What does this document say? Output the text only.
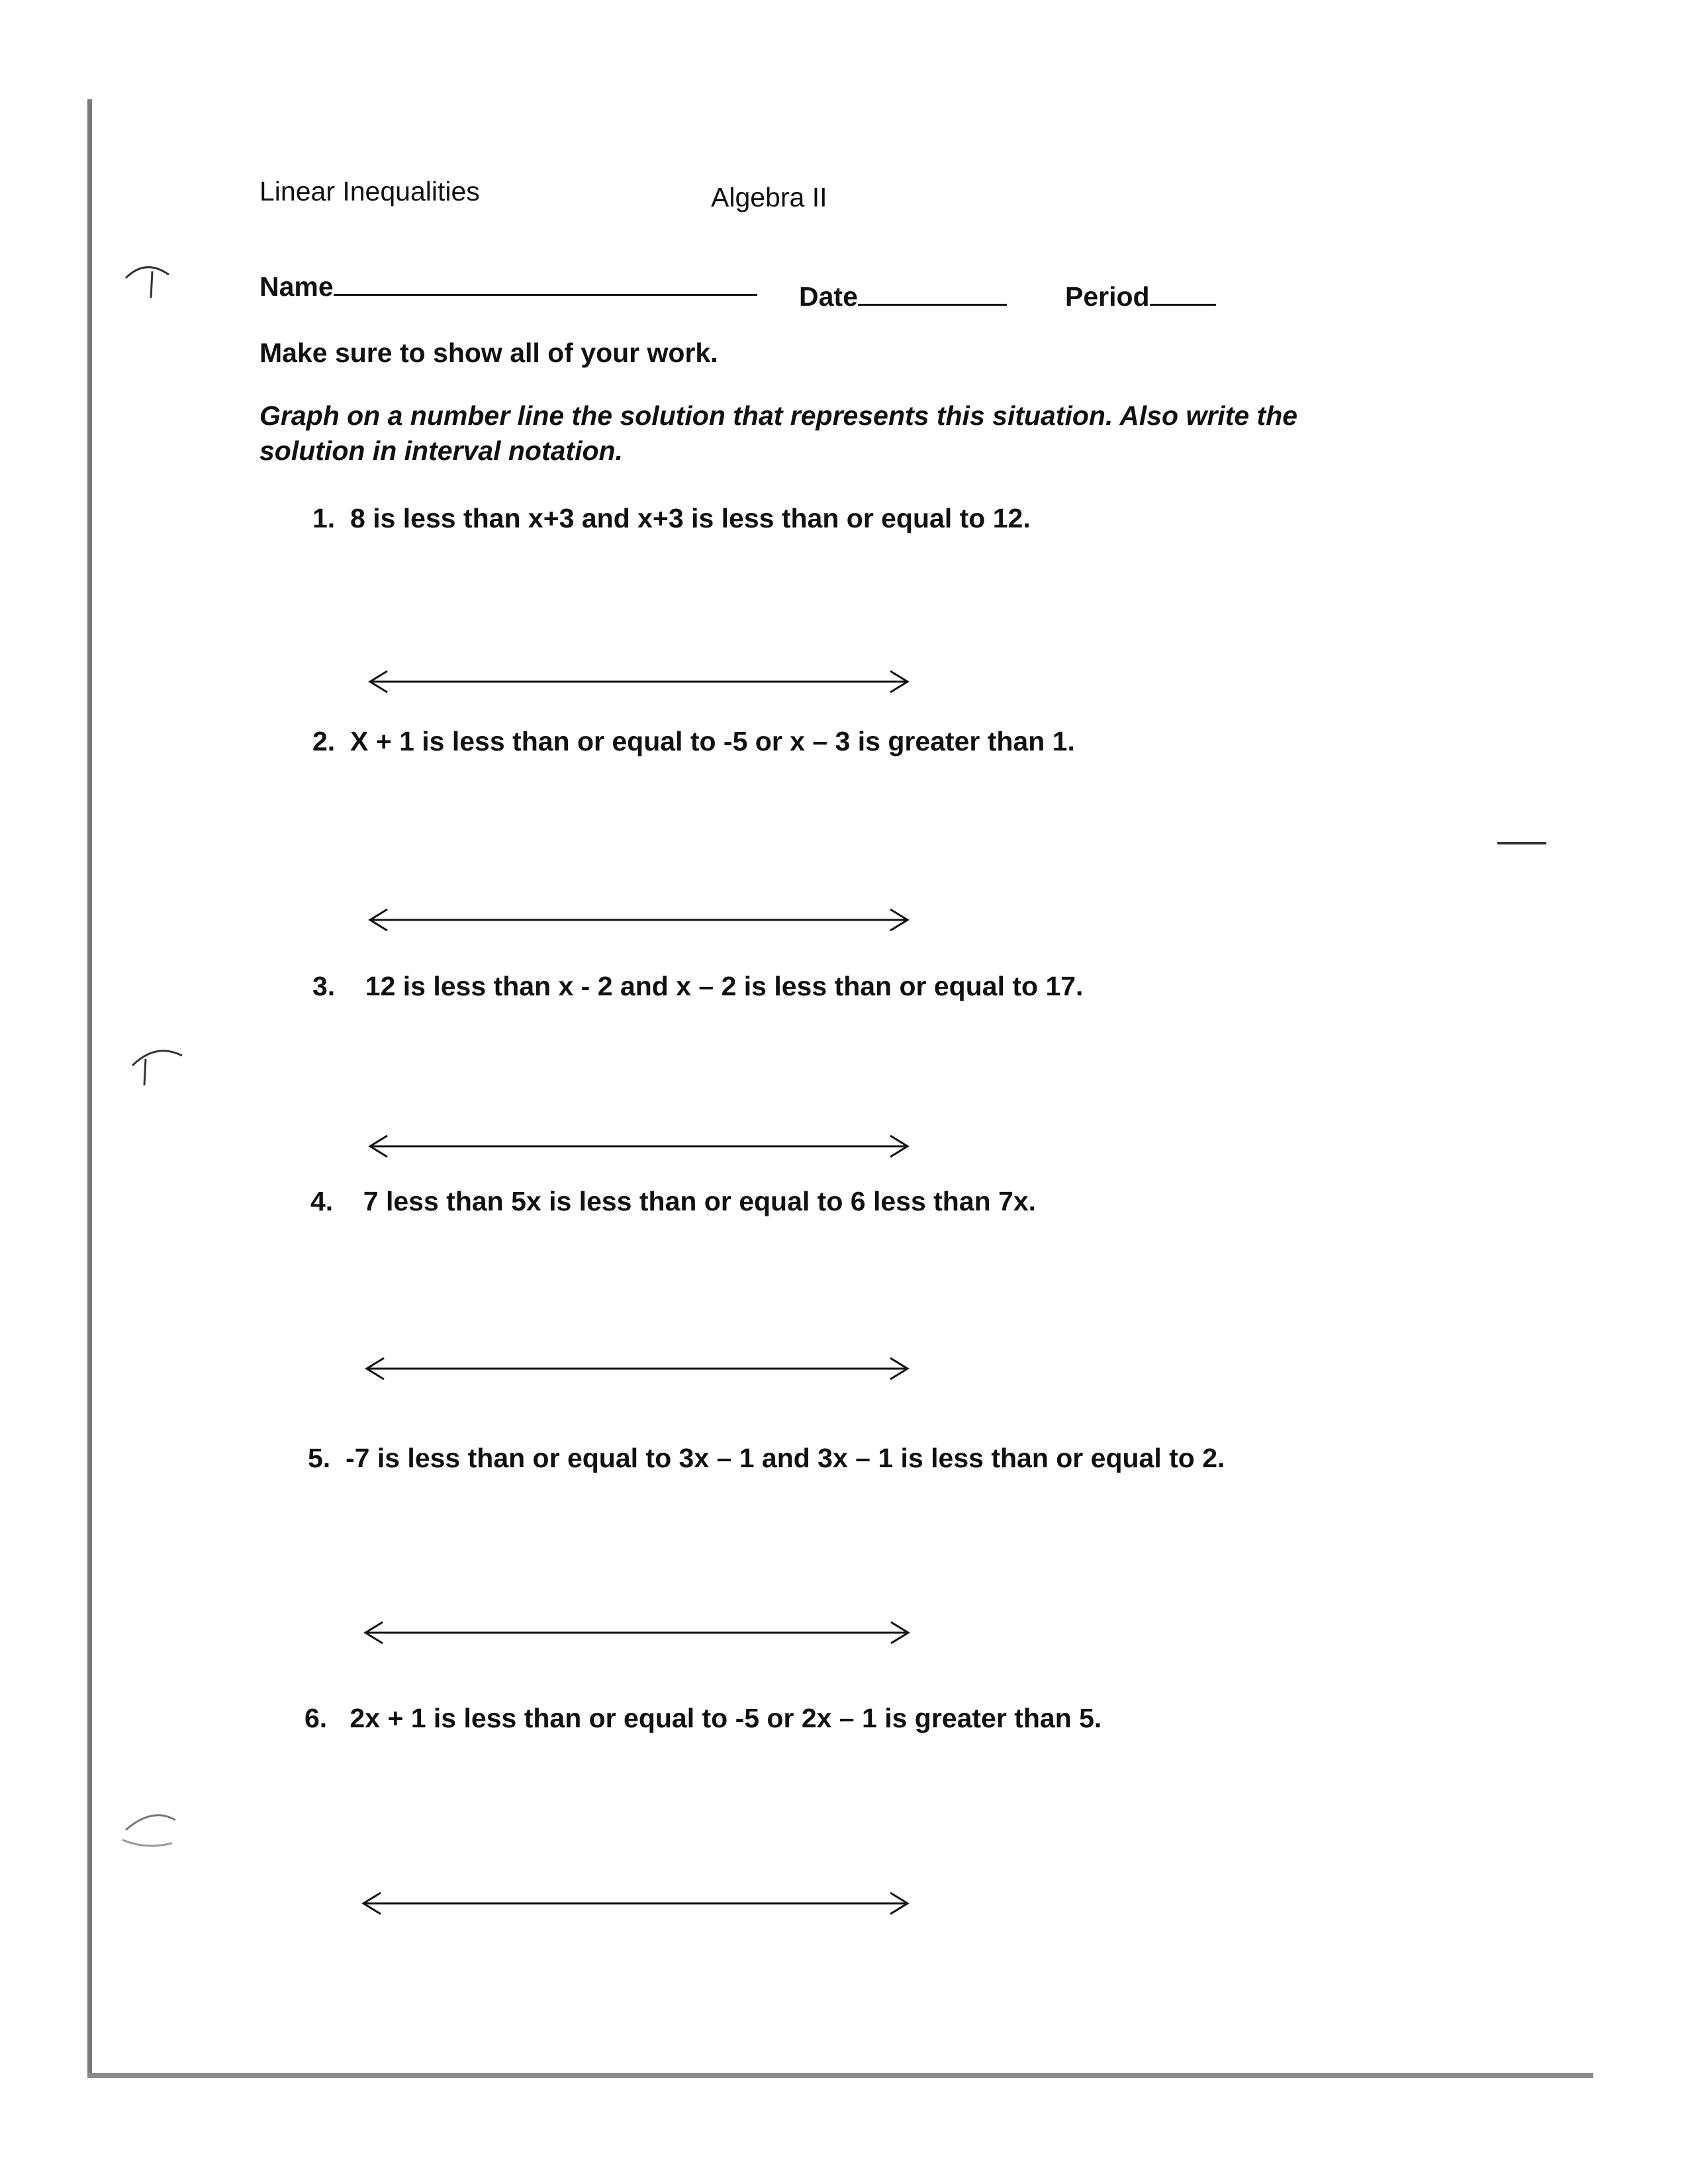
Linear Inequalities	Algebra II
Name	Date	Period
Make sure to show all of your work.
Graph on a number line the solution that represents this situation. Also write the
solution in interval notation.
1. 8 is less than x+3 and x+3 is less than or equal to 12.
2. X + 1 is less than or equal to -5 or x – 3 is greater than 1.
3. 12 is less than x - 2 and x – 2 is less than or equal to 17.
4. 7 less than 5x is less than or equal to 6 less than 7x.
5. -7 is less than or equal to 3x – 1 and 3x – 1 is less than or equal to 2.
6. 2x + 1 is less than or equal to -5 or 2x – 1 is greater than 5.
